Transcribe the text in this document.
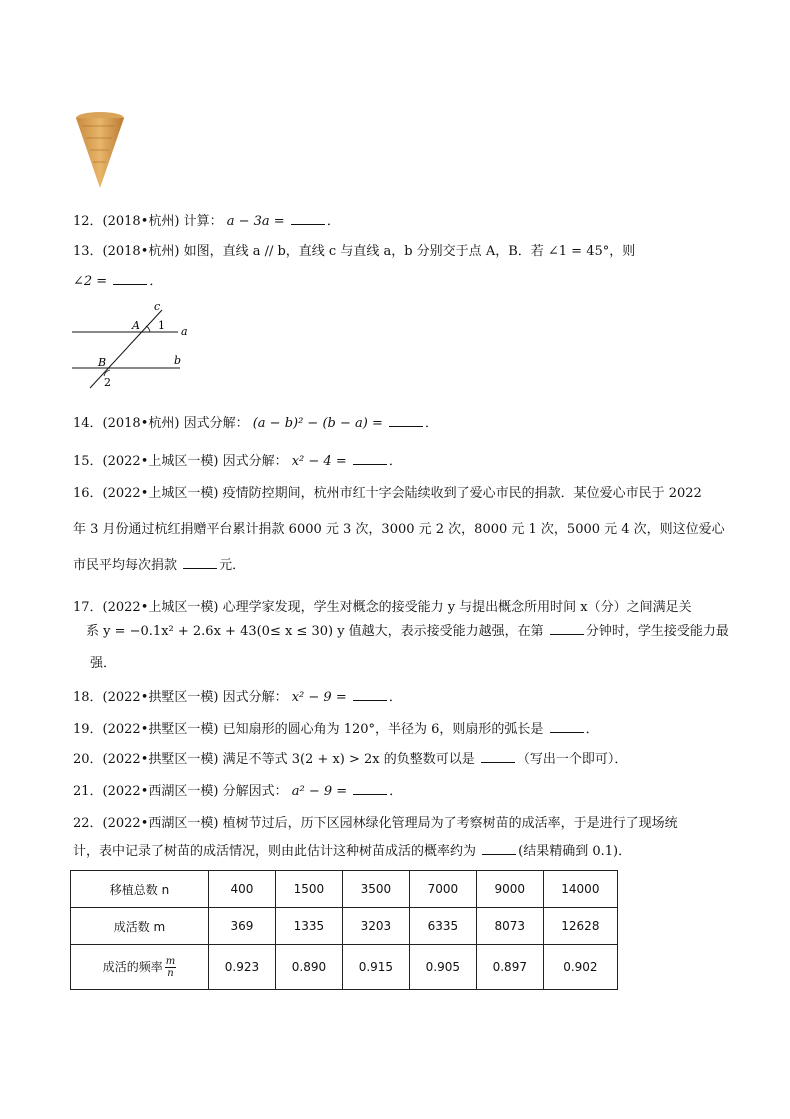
12．(2018•杭州) 计算： a − 3a =	．
13．(2018•杭州) 如图，直线 a // b，直线 c 与直线 a，b 分别交于点 A，B．若 ∠1 = 45°，则
∠2 =	．
c
A 1 a
B	b
2
14．(2018•杭州) 因式分解： (a − b)² − (b − a) =	．
15．(2022•上城区一模) 因式分解： x² − 4 =	．
16．(2022•上城区一模) 疫情防控期间，杭州市红十字会陆续收到了爱心市民的捐款．某位爱心市民于 2022
年 3 月份通过杭红捐赠平台累计捐款 6000 元 3 次，3000 元 2 次，8000 元 1 次，5000 元 4 次，则这位爱心
市民平均每次捐款	元．
17．(2022•上城区一模) 心理学家发现，学生对概念的接受能力 y 与提出概念所用时间 x（分）之间满足关
系 y = −0.1x² + 2.6x + 43(0≤ x ≤ 30) y 值越大，表示接受能力越强，在第	分钟时，学生接受能力最
强．
18．(2022•拱墅区一模) 因式分解： x² − 9 =	．
19．(2022•拱墅区一模) 已知扇形的圆心角为 120°，半径为 6，则扇形的弧长是	．
20．(2022•拱墅区一模) 满足不等式 3(2 + x) > 2x 的负整数可以是	（写出一个即可）．
21．(2022•西湖区一模) 分解因式： a² − 9 =	．
22．(2022•西湖区一模) 植树节过后，历下区园林绿化管理局为了考察树苗的成活率，于是进行了现场统
计，表中记录了树苗的成活情况，则由此估计这种树苗成活的概率约为	(结果精确到 0.1)．
移植总数 n	400	1500	3500	7000	9000	14000
成活数 m	369	1335	3203	6335	8073	12628
成活的频率 $\frac{m}{n}$	0.923	0.890	0.915	0.905	0.897	0.902
